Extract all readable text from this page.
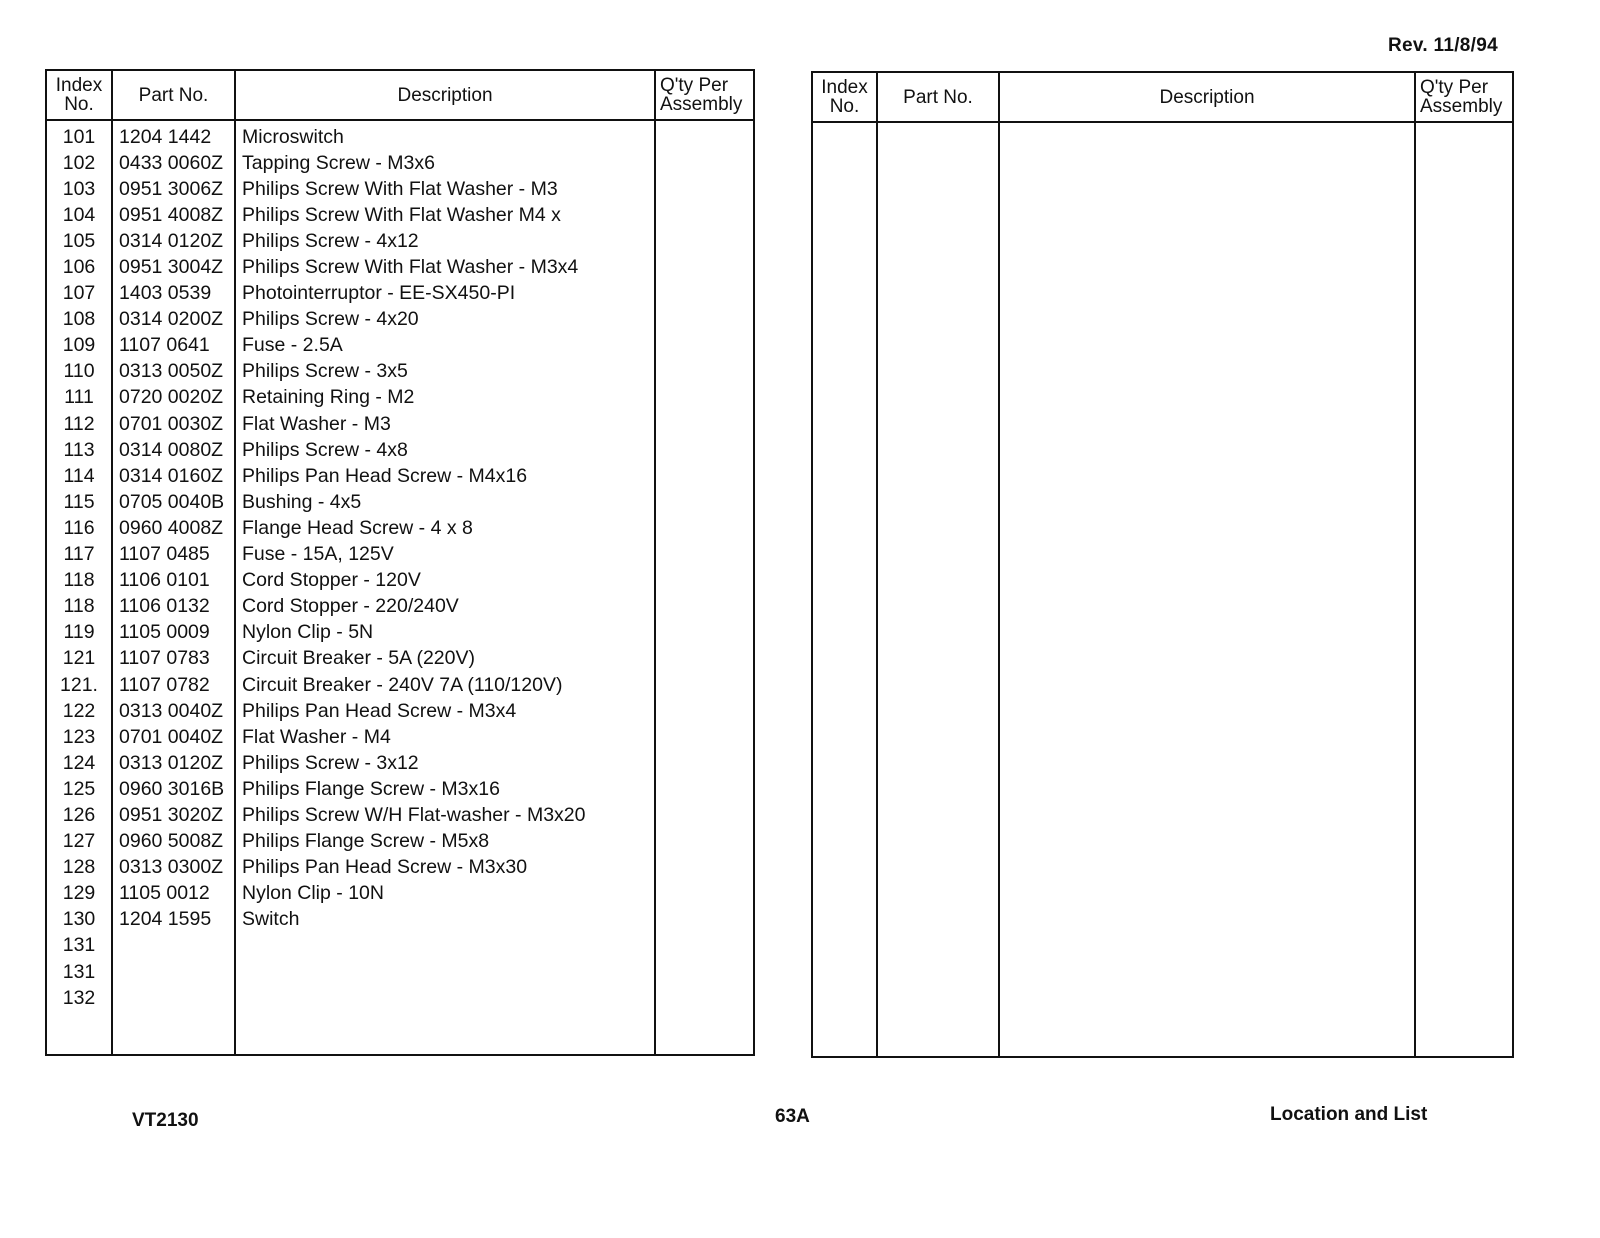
Rev. 11/8/94
Index No.	Part No.	Description	Q'ty Per Assembly
101	1204 1442	Microswitch	
102	0433 0060Z	Tapping Screw - M3x6	
103	0951 3006Z	Philips Screw With Flat Washer - M3	
104	0951 4008Z	Philips Screw With Flat Washer M4 x	
105	0314 0120Z	Philips Screw - 4x12	
106	0951 3004Z	Philips Screw With Flat Washer - M3x4	
107	1403 0539	Photointerruptor - EE-SX450-PI	
108	0314 0200Z	Philips Screw - 4x20	
109	1107 0641	Fuse - 2.5A	
110	0313 0050Z	Philips Screw - 3x5	
111	0720 0020Z	Retaining Ring - M2	
112	0701 0030Z	Flat Washer - M3	
113	0314 0080Z	Philips Screw - 4x8	
114	0314 0160Z	Philips Pan Head Screw - M4x16	
115	0705 0040B	Bushing - 4x5	
116	0960 4008Z	Flange Head Screw - 4 x 8	
117	1107 0485	Fuse - 15A, 125V	
118	1106 0101	Cord Stopper - 120V	
118	1106 0132	Cord Stopper - 220/240V	
119	1105 0009	Nylon Clip - 5N	
121	1107 0783	Circuit Breaker - 5A (220V)	
121.	1107 0782	Circuit Breaker - 240V 7A (110/120V)	
122	0313 0040Z	Philips Pan Head Screw - M3x4	
123	0701 0040Z	Flat Washer - M4	
124	0313 0120Z	Philips Screw - 3x12	
125	0960 3016B	Philips Flange Screw - M3x16	
126	0951 3020Z	Philips Screw W/H Flat-washer - M3x20	
127	0960 5008Z	Philips Flange Screw - M5x8	
128	0313 0300Z	Philips Pan Head Screw - M3x30	
129	1105 0012	Nylon Clip - 10N	
130	1204 1595	Switch	
131			
131			
132			

Index No.	Part No.	Description	Q'ty Per Assembly

VT2130	63A	Location and List
